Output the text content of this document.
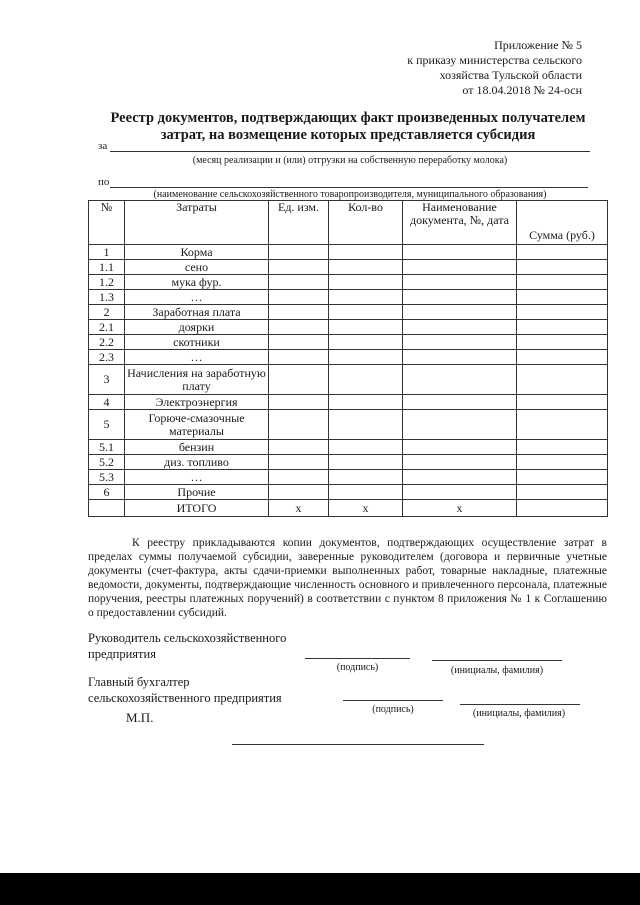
Приложение № 5
к приказу министерства сельского
хозяйства Тульской области
от 18.04.2018 № 24-осн
Реестр документов, подтверждающих факт произведенных получателем
затрат, на возмещение которых представляется субсидия
за
(месяц реализации и (или) отгрузки на собственную переработку молока)
по
(наименование сельскохозяйственного товаропроизводителя, муниципального образования)
№	Затраты	Ед. изм.	Кол-во	Наименование документа, №, дата	Сумма (руб.)
1	Корма				
1.1	сено				
1.2	мука фур.				
1.3	…				
2	Заработная плата				
2.1	доярки				
2.2	скотники				
2.3	…				
3	Начисления на заработную плату				
4	Электроэнергия				
5	Горюче-смазочные материалы				
5.1	бензин				
5.2	диз. топливо				
5.3	…				
6	Прочие				
	ИТОГО	х	х	х	
К реестру прикладываются копии документов, подтверждающих осуществление затрат в пределах суммы получаемой субсидии, заверенные руководителем (договора и первичные учетные документы (счет-фактура, акты сдачи-приемки выполненных работ, товарные накладные, платежные ведомости, документы, подтверждающие численность основного и привлеченного персонала, платежные поручения, реестры платежных поручений) в соответствии с пунктом 8 приложения № 1 к Соглашению о предоставлении субсидий.
Руководитель сельскохозяйственного
предприятия
(подпись)	(инициалы, фамилия)
Главный бухгалтер
сельскохозяйственного предприятия
(подпись)	(инициалы, фамилия)
М.П.
